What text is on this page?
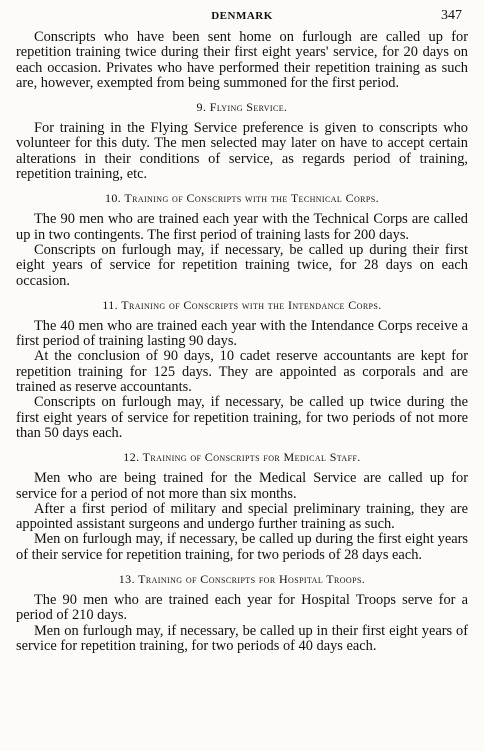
DENMARK	347

Conscripts who have been sent home on furlough are called up for repetition training twice during their first eight years' service, for 20 days on each occasion. Privates who have performed their repetition training as such are, however, exempted from being summoned for the first period.

9. Flying Service.

For training in the Flying Service preference is given to conscripts who volunteer for this duty. The men selected may later on have to accept certain alterations in their conditions of service, as regards period of training, repetition training, etc.

10. Training of Conscripts with the Technical Corps.

The 90 men who are trained each year with the Technical Corps are called up in two contingents. The first period of training lasts for 200 days.

Conscripts on furlough may, if necessary, be called up during their first eight years of service for repetition training twice, for 28 days on each occasion.

11. Training of Conscripts with the Intendance Corps.

The 40 men who are trained each year with the Intendance Corps receive a first period of training lasting 90 days.

At the conclusion of 90 days, 10 cadet reserve accountants are kept for repetition training for 125 days. They are appointed as corporals and are trained as reserve accountants.

Conscripts on furlough may, if necessary, be called up twice during the first eight years of service for repetition training, for two periods of not more than 50 days each.

12. Training of Conscripts for Medical Staff.

Men who are being trained for the Medical Service are called up for service for a period of not more than six months.

After a first period of military and special preliminary training, they are appointed assistant surgeons and undergo further training as such.

Men on furlough may, if necessary, be called up during the first eight years of their service for repetition training, for two periods of 28 days each.

13. Training of Conscripts for Hospital Troops.

The 90 men who are trained each year for Hospital Troops serve for a period of 210 days.

Men on furlough may, if necessary, be called up in their first eight years of service for repetition training, for two periods of 40 days each.
